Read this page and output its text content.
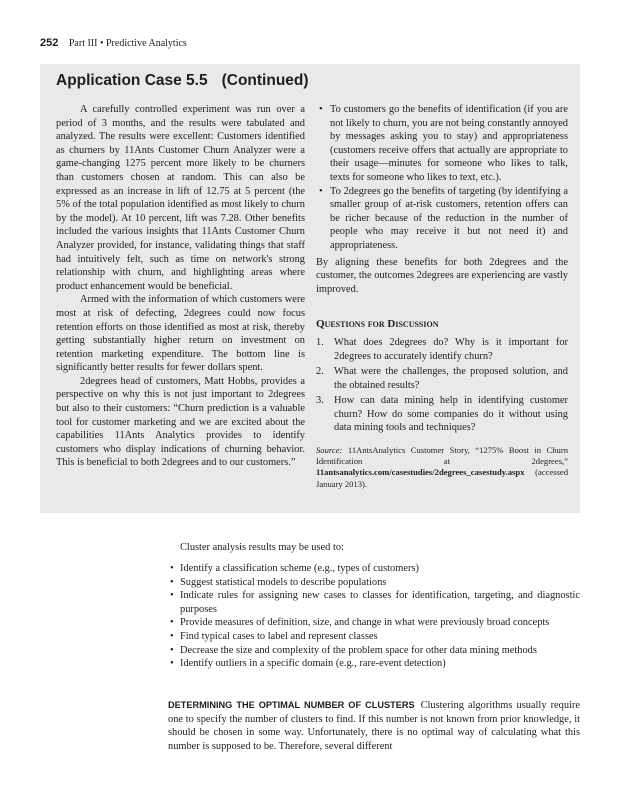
252 Part III • Predictive Analytics
Application Case 5.5 (Continued)

A carefully controlled experiment was run over a period of 3 months, and the results were tabulated and analyzed. The results were excellent: Customers identified as churners by 11Ants Customer Churn Analyzer were a game-changing 1275 percent more likely to be churners than customers chosen at random. This can also be expressed as an increase in lift of 12.75 at 5 percent (the 5% of the total population identified as most likely to churn by the model). At 10 percent, lift was 7.28. Other benefits included the various insights that 11Ants Customer Churn Analyzer provided, for instance, validating things that staff had intuitively felt, such as time on network's strong relationship with churn, and highlighting areas where product enhancement would be beneficial.

Armed with the information of which customers were most at risk of defecting, 2degrees could now focus retention efforts on those identified as most at risk, thereby getting substantially higher return on investment on retention marketing expenditure. The bottom line is significantly better results for fewer dollars spent.

2degrees head of customers, Matt Hobbs, provides a perspective on why this is not just important to 2degrees but also to their customers: “Churn prediction is a valuable tool for customer marketing and we are excited about the capabilities 11Ants Analytics provides to identify customers who display indications of churning behavior. This is beneficial to both 2degrees and to our customers.”

• To customers go the benefits of identification (if you are not likely to churn, you are not being constantly annoyed by messages asking you to stay) and appropriateness (customers receive offers that actually are appropriate to their usage—minutes for someone who likes to talk, texts for someone who likes to text, etc.).
• To 2degrees go the benefits of targeting (by identifying a smaller group of at-risk customers, retention offers can be richer because of the reduction in the number of people who may receive it but not need it) and appropriateness.

By aligning these benefits for both 2degrees and the customer, the outcomes 2degrees are experiencing are vastly improved.

Questions for Discussion
1. What does 2degrees do? Why is it important for 2degrees to accurately identify churn?
2. What were the challenges, the proposed solution, and the obtained results?
3. How can data mining help in identifying customer churn? How do some companies do it without using data mining tools and techniques?
Source: 11AntsAnalytics Customer Story, “1275% Boost in Churn Identification at 2degrees,” 11antsanalytics.com/casestudies/2degrees_casestudy.aspx (accessed January 2013).
Cluster analysis results may be used to:
• Identify a classification scheme (e.g., types of customers)
• Suggest statistical models to describe populations
• Indicate rules for assigning new cases to classes for identification, targeting, and diagnostic purposes
• Provide measures of definition, size, and change in what were previously broad concepts
• Find typical cases to label and represent classes
• Decrease the size and complexity of the problem space for other data mining methods
• Identify outliers in a specific domain (e.g., rare-event detection)
DETERMINING THE OPTIMAL NUMBER OF CLUSTERS Clustering algorithms usually require one to specify the number of clusters to find. If this number is not known from prior knowledge, it should be chosen in some way. Unfortunately, there is no optimal way of calculating what this number is supposed to be. Therefore, several different
